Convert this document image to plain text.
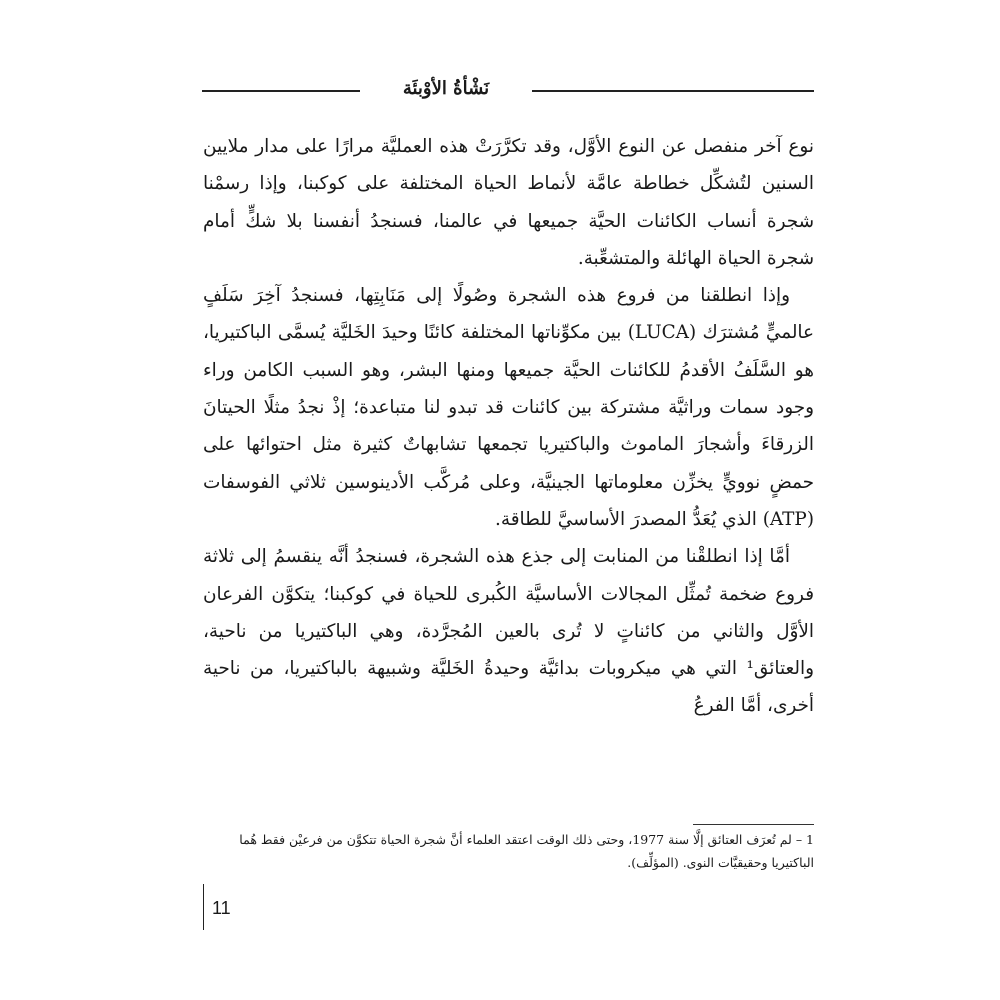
نَشْأةُ الأوْبئَة

نوع آخر منفصل عن النوع الأوَّل، وقد تكرَّرَتْ هذه العمليَّة مرارًا على مدار ملايين السنين لتُشكِّل خطاطة عامَّة لأنماط الحياة المختلفة على كوكبنا، وإذا رسمْنا شجرة أنساب الكائنات الحيَّة جميعها في عالمنا، فسنجدُ أنفسنا بلا شكٍّ أمام شجرة الحياة الهائلة والمتشعِّبة.

وإذا انطلقنا من فروع هذه الشجرة وصُولًا إلى مَنَابِتِها، فسنجدُ آخِرَ سَلَفٍ عالميٍّ مُشترَك (LUCA) بين مكوِّناتها المختلفة كائنًا وحيدَ الخَليَّة يُسمَّى الباكتيريا، هو السَّلَفُ الأقدمُ للكائنات الحيَّة جميعها ومنها البشر، وهو السبب الكامن وراء وجود سمات وراثيَّة مشتركة بين كائنات قد تبدو لنا متباعدة؛ إذْ نجدُ مثلًا الحيتانَ الزرقاءَ وأشجارَ الماموث والباكتيريا تجمعها تشابهاتٌ كثيرة مثل احتوائها على حمضٍ نوويٍّ يخزِّن معلوماتها الجينيَّة، وعلى مُركَّب الأدينوسين ثلاثي الفوسفات (ATP) الذي يُعَدُّ المصدرَ الأساسيَّ للطاقة.

أمَّا إذا انطلقْنا من المنابت إلى جذع هذه الشجرة، فسنجدُ أنَّه ينقسمُ إلى ثلاثة فروع ضخمة تُمثِّل المجالات الأساسيَّة الكُبرى للحياة في كوكبنا؛ يتكوَّن الفرعان الأوَّل والثاني من كائناتٍ لا تُرى بالعين المُجرَّدة، وهي الباكتيريا من ناحية، والعتائق¹ التي هي ميكروبات بدائيَّة وحيدةُ الخَليَّة وشبيهة بالباكتيريا، من ناحية أخرى، أمَّا الفرعُ

1 – لم تُعرَف العتائق إلَّا سنة 1977، وحتى ذلك الوقت اعتقد العلماء أنَّ شجرة الحياة تتكوَّن من فرعيْن فقط هُما الباكتيريا وحقيقيَّات النوى. (المؤلِّف).

11
